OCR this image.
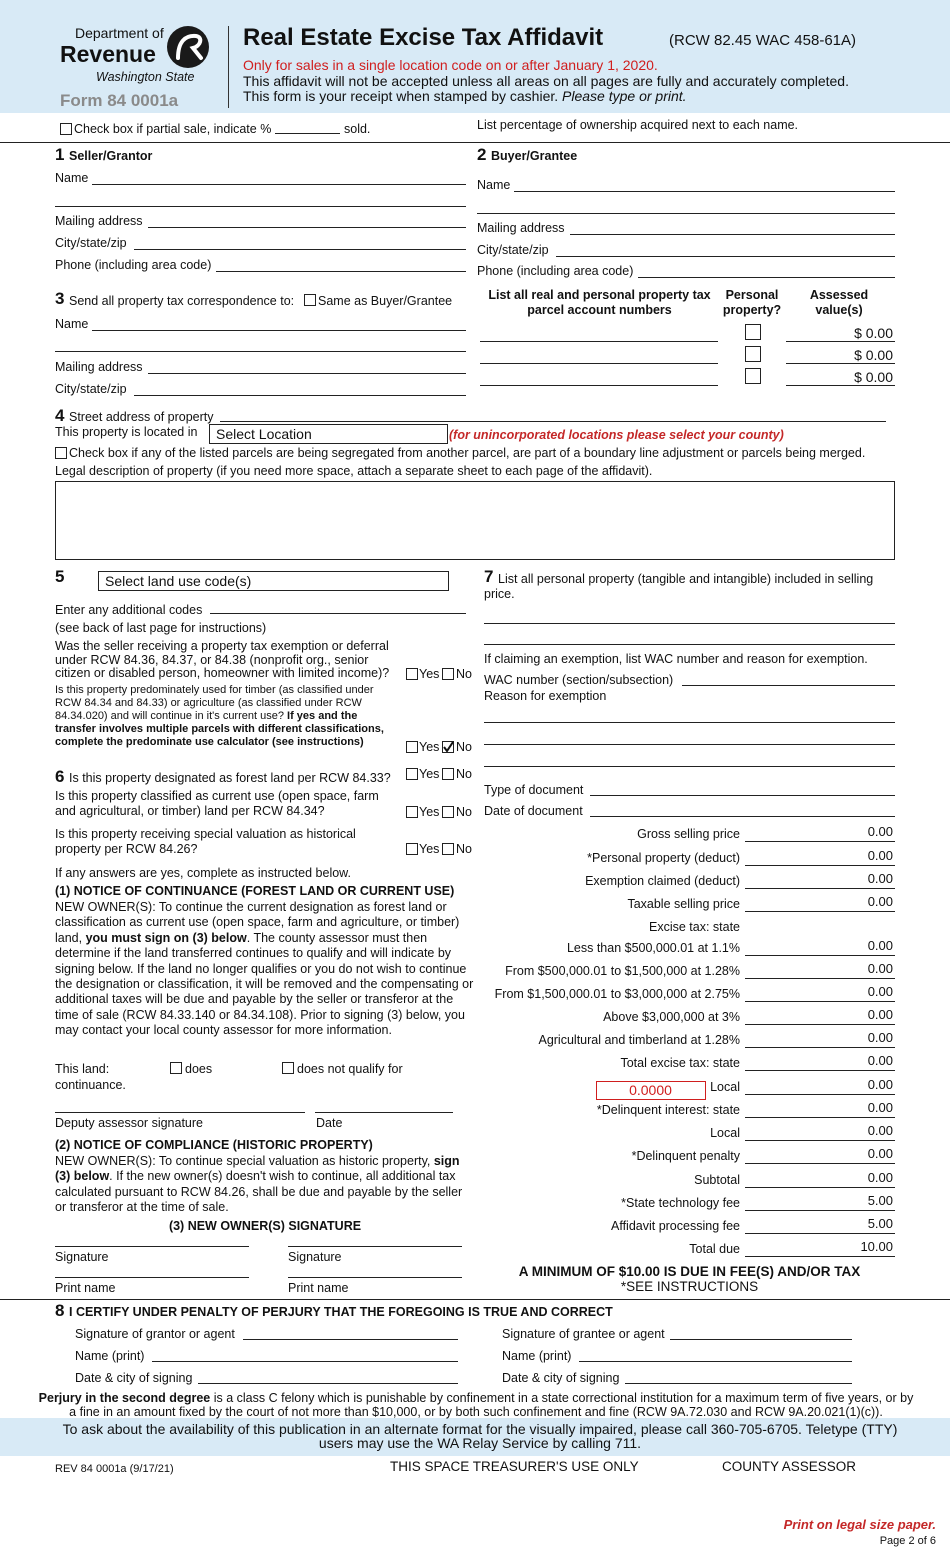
Department of
Revenue
Washington State
Form 84 0001a
Real Estate Excise Tax Affidavit	(RCW 82.45 WAC 458-61A)
Only for sales in a single location code on or after January 1, 2020.
This affidavit will not be accepted unless all areas on all pages are fully and accurately completed.
This form is your receipt when stamped by cashier. Please type or print.
Check box if partial sale, indicate %	sold.	List percentage of ownership acquired next to each name.
1 Seller/Grantor
Name
Mailing address
City/state/zip
Phone (including area code)
2 Buyer/Grantee
Name
Mailing address
City/state/zip
Phone (including area code)
3 Send all property tax correspondence to: Same as Buyer/Grantee
Name
Mailing address
City/state/zip
List all real and personal property tax parcel account numbers
Personal property?
Assessed value(s)
$ 0.00
$ 0.00
$ 0.00
4 Street address of property
This property is located in	Select Location	(for unincorporated locations please select your county)
Check box if any of the listed parcels are being segregated from another parcel, are part of a boundary line adjustment or parcels being merged.
Legal description of property (if you need more space, attach a separate sheet to each page of the affidavit).
5	Select land use code(s)
Enter any additional codes
(see back of last page for instructions)
Was the seller receiving a property tax exemption or deferral under RCW 84.36, 84.37, or 84.38 (nonprofit org., senior citizen or disabled person, homeowner with limited income)?	Yes No
Is this property predominately used for timber (as classified under RCW 84.34 and 84.33) or agriculture (as classified under RCW 84.34.020) and will continue in it's current use? If yes and the transfer involves multiple parcels with different classifications, complete the predominate use calculator (see instructions)	Yes No
6 Is this property designated as forest land per RCW 84.33? Yes No
Is this property classified as current use (open space, farm and agricultural, or timber) land per RCW 84.34?	Yes No
Is this property receiving special valuation as historical property per RCW 84.26?	Yes No
If any answers are yes, complete as instructed below.
(1) NOTICE OF CONTINUANCE (FOREST LAND OR CURRENT USE)
NEW OWNER(S): To continue the current designation as forest land or classification as current use (open space, farm and agriculture, or timber) land, you must sign on (3) below. The county assessor must then determine if the land transferred continues to qualify and will indicate by signing below. If the land no longer qualifies or you do not wish to continue the designation or classification, it will be removed and the compensating or additional taxes will be due and payable by the seller or transferor at the time of sale (RCW 84.33.140 or 84.34.108). Prior to signing (3) below, you may contact your local county assessor for more information.
This land:
continuance.
does	does not qualify for
Deputy assessor signature	Date
(2) NOTICE OF COMPLIANCE (HISTORIC PROPERTY)
NEW OWNER(S): To continue special valuation as historic property, sign (3) below. If the new owner(s) doesn't wish to continue, all additional tax calculated pursuant to RCW 84.26, shall be due and payable by the seller or transferor at the time of sale.
(3) NEW OWNER(S) SIGNATURE
Signature	Signature
Print name	Print name
7 List all personal property (tangible and intangible) included in selling price.
If claiming an exemption, list WAC number and reason for exemption.
WAC number (section/subsection)
Reason for exemption
Type of document
Date of document
Gross selling price	0.00
*Personal property (deduct)	0.00
Exemption claimed (deduct)	0.00
Taxable selling price	0.00
Excise tax: state
Less than $500,000.01 at 1.1%	0.00
From $500,000.01 to $1,500,000 at 1.28%	0.00
From $1,500,000.01 to $3,000,000 at 2.75%	0.00
Above $3,000,000 at 3%	0.00
Agricultural and timberland at 1.28%	0.00
Total excise tax: state	0.00
Local	0.00
*Delinquent interest: state	0.00
Local	0.00
*Delinquent penalty	0.00
Subtotal	0.00
*State technology fee	5.00
Affidavit processing fee	5.00
Total due	10.00
0.0000
A MINIMUM OF $10.00 IS DUE IN FEE(S) AND/OR TAX
*SEE INSTRUCTIONS
8 I CERTIFY UNDER PENALTY OF PERJURY THAT THE FOREGOING IS TRUE AND CORRECT
Signature of grantor or agent
Name (print)
Date & city of signing
Signature of grantee or agent
Name (print)
Date & city of signing
Perjury in the second degree is a class C felony which is punishable by confinement in a state correctional institution for a maximum term of five years, or by a fine in an amount fixed by the court of not more than $10,000, or by both such confinement and fine (RCW 9A.72.030 and RCW 9A.20.021(1)(c)).
To ask about the availability of this publication in an alternate format for the visually impaired, please call 360-705-6705. Teletype (TTY) users may use the WA Relay Service by calling 711.
REV 84 0001a (9/17/21)	THIS SPACE TREASURER'S USE ONLY	COUNTY ASSESSOR
Print on legal size paper.
Page 2 of 6
